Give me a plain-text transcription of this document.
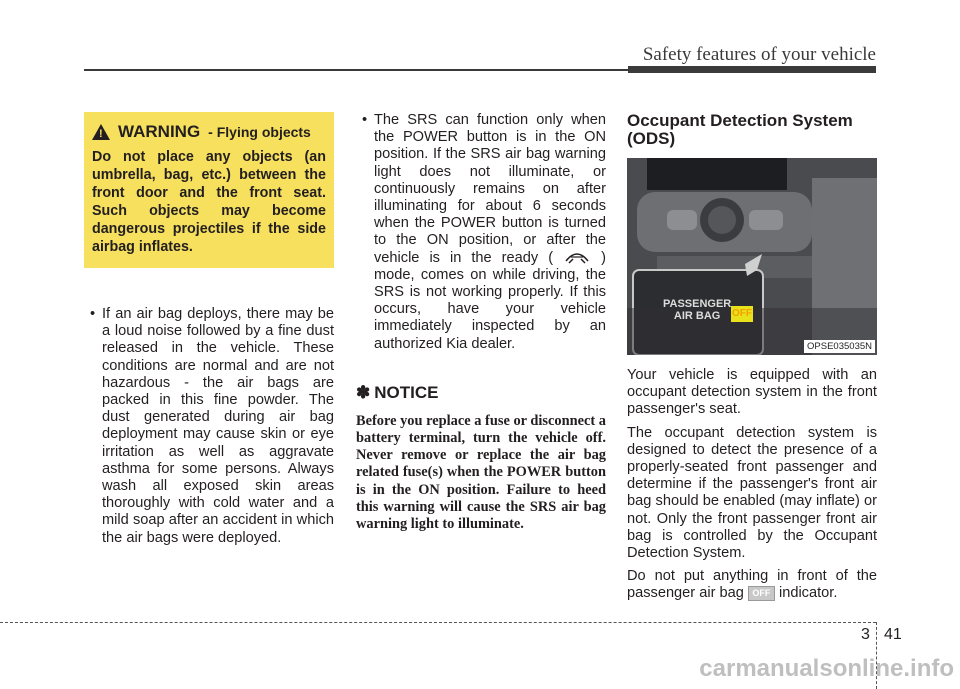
Safety features of your vehicle
! WARNING - Flying objects
Do not place any objects (an umbrella, bag, etc.) between the front door and the front seat. Such objects may become dangerous projectiles if the side airbag inflates.
• If an air bag deploys, there may be a loud noise followed by a fine dust released in the vehicle. These conditions are normal and are not hazardous - the air bags are packed in this fine powder. The dust generated during air bag deployment may cause skin or eye irritation as well as aggravate asthma for some persons. Always wash all exposed skin areas thoroughly with cold water and a mild soap after an accident in which the air bags were deployed.
• The SRS can function only when the POWER button is in the ON position. If the SRS air bag warning light does not illuminate, or continuously remains on after illuminating for about 6 seconds when the POWER button is turned to the ON position, or after the vehicle is in the ready (	) mode, comes on while driving, the SRS is not working properly. If this occurs, have your vehicle immediately inspected by an authorized Kia dealer.
✽ NOTICE
Before you replace a fuse or disconnect a battery terminal, turn the vehicle off. Never remove or replace the air bag related fuse(s) when the POWER button is in the ON position. Failure to heed this warning will cause the SRS air bag warning light to illuminate.
Occupant Detection System (ODS)
PASSENGER
AIR BAG	OFF
OPSE035035N
Your vehicle is equipped with an occupant detection system in the front passenger's seat.
The occupant detection system is designed to detect the presence of a properly-seated front passenger and determine if the passenger's front air bag should be enabled (may inflate) or not. Only the front passenger front air bag is controlled by the Occupant Detection System.
Do not put anything in front of the passenger air bag OFF indicator.
3 41
carmanualsonline.info
